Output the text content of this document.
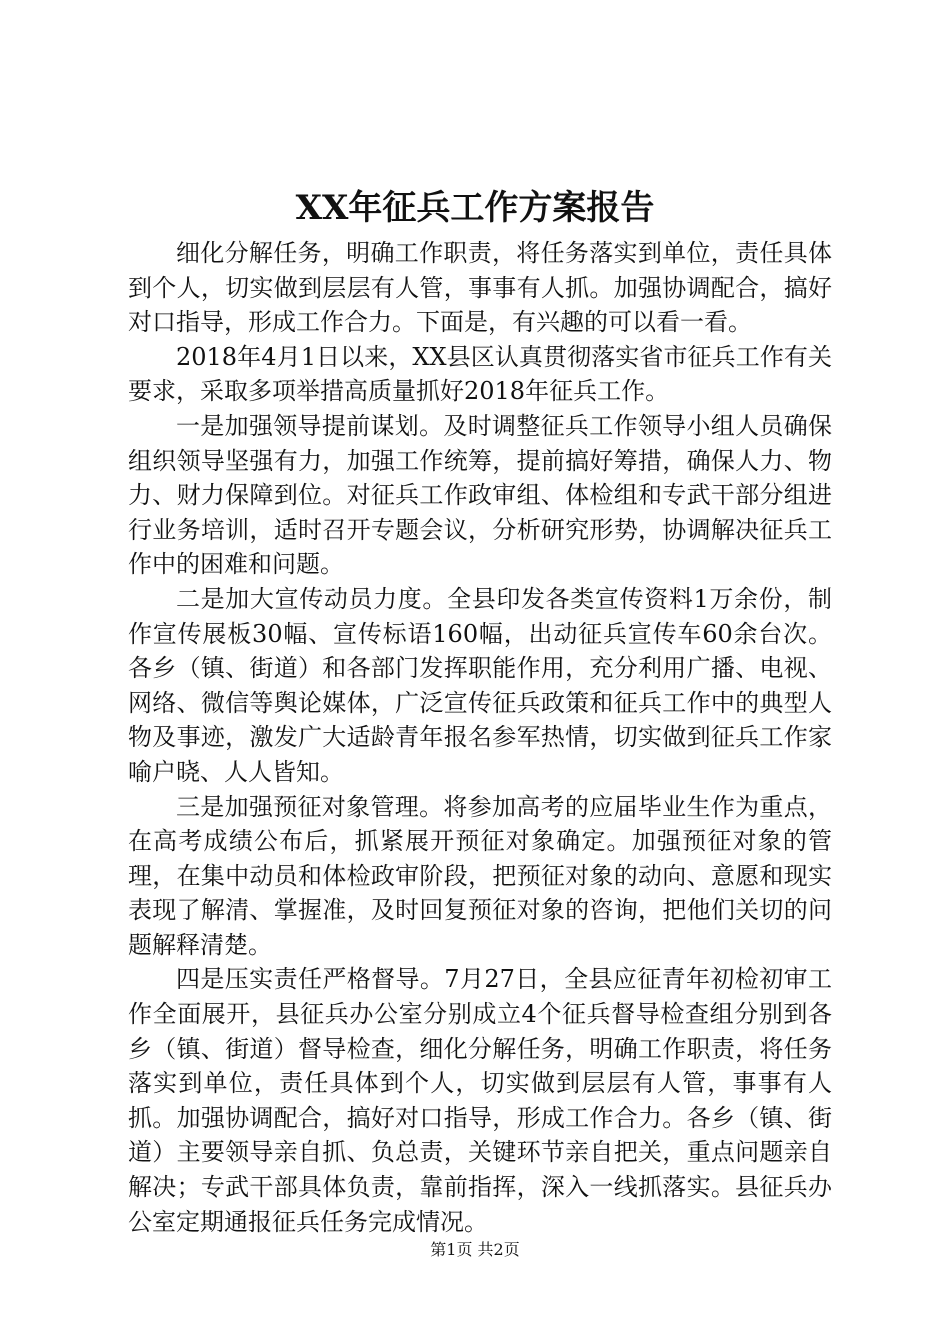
XX年征兵工作方案报告

细化分解任务，明确工作职责，将任务落实到单位，责任具体到个人，切实做到层层有人管，事事有人抓。加强协调配合，搞好对口指导，形成工作合力。下面是，有兴趣的可以看一看。

2018年4月1日以来，XX县区认真贯彻落实省市征兵工作有关要求，采取多项举措高质量抓好2018年征兵工作。

一是加强领导提前谋划。及时调整征兵工作领导小组人员确保组织领导坚强有力，加强工作统筹，提前搞好筹措，确保人力、物力、财力保障到位。对征兵工作政审组、体检组和专武干部分组进行业务培训，适时召开专题会议，分析研究形势，协调解决征兵工作中的困难和问题。

二是加大宣传动员力度。全县印发各类宣传资料1万余份，制作宣传展板30幅、宣传标语160幅，出动征兵宣传车60余台次。各乡（镇、街道）和各部门发挥职能作用，充分利用广播、电视、网络、微信等舆论媒体，广泛宣传征兵政策和征兵工作中的典型人物及事迹，激发广大适龄青年报名参军热情，切实做到征兵工作家喻户晓、人人皆知。

三是加强预征对象管理。将参加高考的应届毕业生作为重点，在高考成绩公布后，抓紧展开预征对象确定。加强预征对象的管理，在集中动员和体检政审阶段，把预征对象的动向、意愿和现实表现了解清、掌握准，及时回复预征对象的咨询，把他们关切的问题解释清楚。

四是压实责任严格督导。7月27日，全县应征青年初检初审工作全面展开，县征兵办公室分别成立4个征兵督导检查组分别到各乡（镇、街道）督导检查，细化分解任务，明确工作职责，将任务落实到单位，责任具体到个人，切实做到层层有人管，事事有人抓。加强协调配合，搞好对口指导，形成工作合力。各乡（镇、街道）主要领导亲自抓、负总责，关键环节亲自把关，重点问题亲自解决；专武干部具体负责，靠前指挥，深入一线抓落实。县征兵办公室定期通报征兵任务完成情况。

第1页 共2页
